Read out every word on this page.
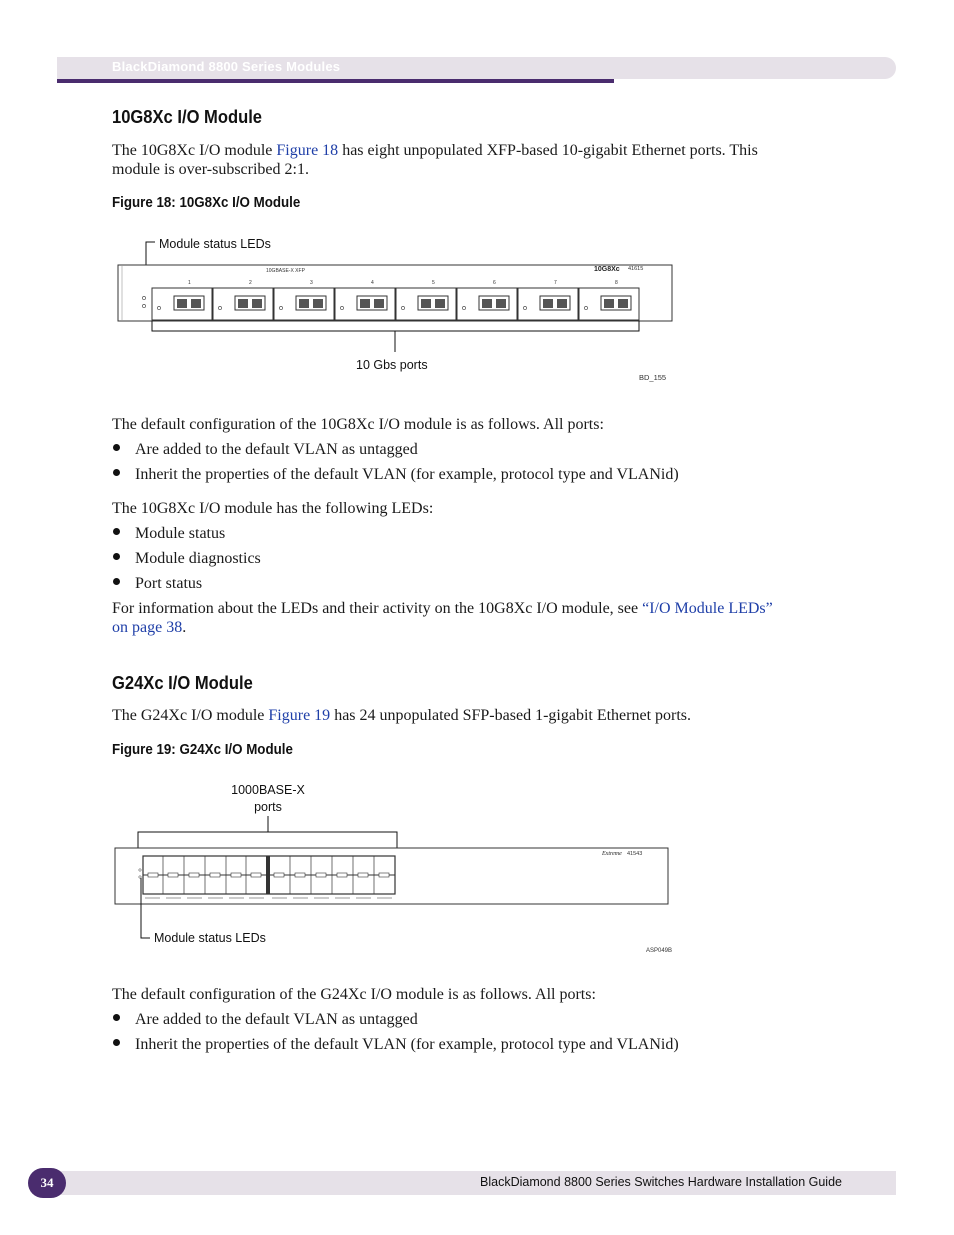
BlackDiamond 8800 Series Modules
10G8Xc I/O Module
The 10G8Xc I/O module Figure 18 has eight unpopulated XFP-based 10-gigabit Ethernet ports. This
module is over-subscribed 2:1.
Figure 18: 10G8Xc I/O Module
Module status LEDs
10GBASE-X XFP	10G8Xc 41615
1	2	3	4	5	6	7	8
10 Gbs ports
BD_155
The default configuration of the 10G8Xc I/O module is as follows. All ports:
Are added to the default VLAN as untagged
Inherit the properties of the default VLAN (for example, protocol type and VLANid)
The 10G8Xc I/O module has the following LEDs:
Module status
Module diagnostics
Port status
For information about the LEDs and their activity on the 10G8Xc I/O module, see “I/O Module LEDs”
on page 38.
G24Xc I/O Module
The G24Xc I/O module Figure 19 has 24 unpopulated SFP-based 1-gigabit Ethernet ports.
Figure 19: G24Xc I/O Module
1000BASE-X
ports
Extreme 41543
Module status LEDs
ASP049B
The default configuration of the G24Xc I/O module is as follows. All ports:
Are added to the default VLAN as untagged
Inherit the properties of the default VLAN (for example, protocol type and VLANid)
34	BlackDiamond 8800 Series Switches Hardware Installation Guide
